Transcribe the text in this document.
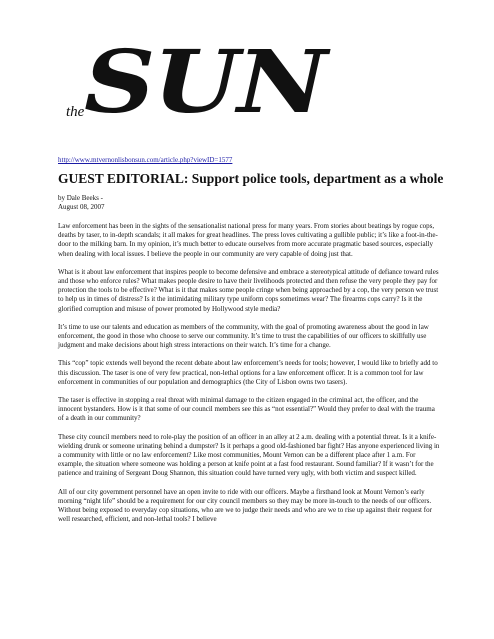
the SUN
http://www.mtvernonlisbonsun.com/article.php?viewID=1577
GUEST EDITORIAL: Support police tools, department as a whole
by Dale Beeks -
August 08, 2007

Law enforcement has been in the sights of the sensationalist national press for many years. From stories about beatings by rogue cops, deaths by taser, to in-depth scandals; it all makes for great headlines. The press loves cultivating a gullible public; it’s like a foot-in-the-door to the milking barn. In my opinion, it’s much better to educate ourselves from more accurate pragmatic based sources, especially when dealing with local issues. I believe the people in our community are very capable of doing just that.

What is it about law enforcement that inspires people to become defensive and embrace a stereotypical attitude of defiance toward rules and those who enforce rules? What makes people desire to have their livelihoods protected and then refuse the very people they pay for protection the tools to be effective? What is it that makes some people cringe when being approached by a cop, the very person we trust to help us in times of distress? Is it the intimidating military type uniform cops sometimes wear? The firearms cops carry? Is it the glorified corruption and misuse of power promoted by Hollywood style media?

It’s time to use our talents and education as members of the community, with the goal of promoting awareness about the good in law enforcement, the good in those who choose to serve our community. It’s time to trust the capabilities of our officers to skillfully use judgment and make decisions about high stress interactions on their watch. It’s time for a change.

This “cop” topic extends well beyond the recent debate about law enforcement’s needs for tools; however, I would like to briefly add to this discussion. The taser is one of very few practical, non-lethal options for a law enforcement officer. It is a common tool for law enforcement in communities of our population and demographics (the City of Lisbon owns two tasers).

The taser is effective in stopping a real threat with minimal damage to the citizen engaged in the criminal act, the officer, and the innocent bystanders. How is it that some of our council members see this as “not essential?” Would they prefer to deal with the trauma of a death in our community?

These city council members need to role-play the position of an officer in an alley at 2 a.m. dealing with a potential threat. Is it a knife-wielding drunk or someone urinating behind a dumpster? Is it perhaps a good old-fashioned bar fight? Has anyone experienced living in a community with little or no law enforcement? Like most communities, Mount Vernon can be a different place after 1 a.m. For example, the situation where someone was holding a person at knife point at a fast food restaurant. Sound familiar? If it wasn’t for the patience and training of Sergeant Doug Shannon, this situation could have turned very ugly, with both victim and suspect killed.

All of our city government personnel have an open invite to ride with our officers. Maybe a firsthand look at Mount Vernon’s early morning “night life” should be a requirement for our city council members so they may be more in-touch to the needs of our officers. Without being exposed to everyday cop situations, who are we to judge their needs and who are we to rise up against their request for well researched, efficient, and non-lethal tools? I believe
